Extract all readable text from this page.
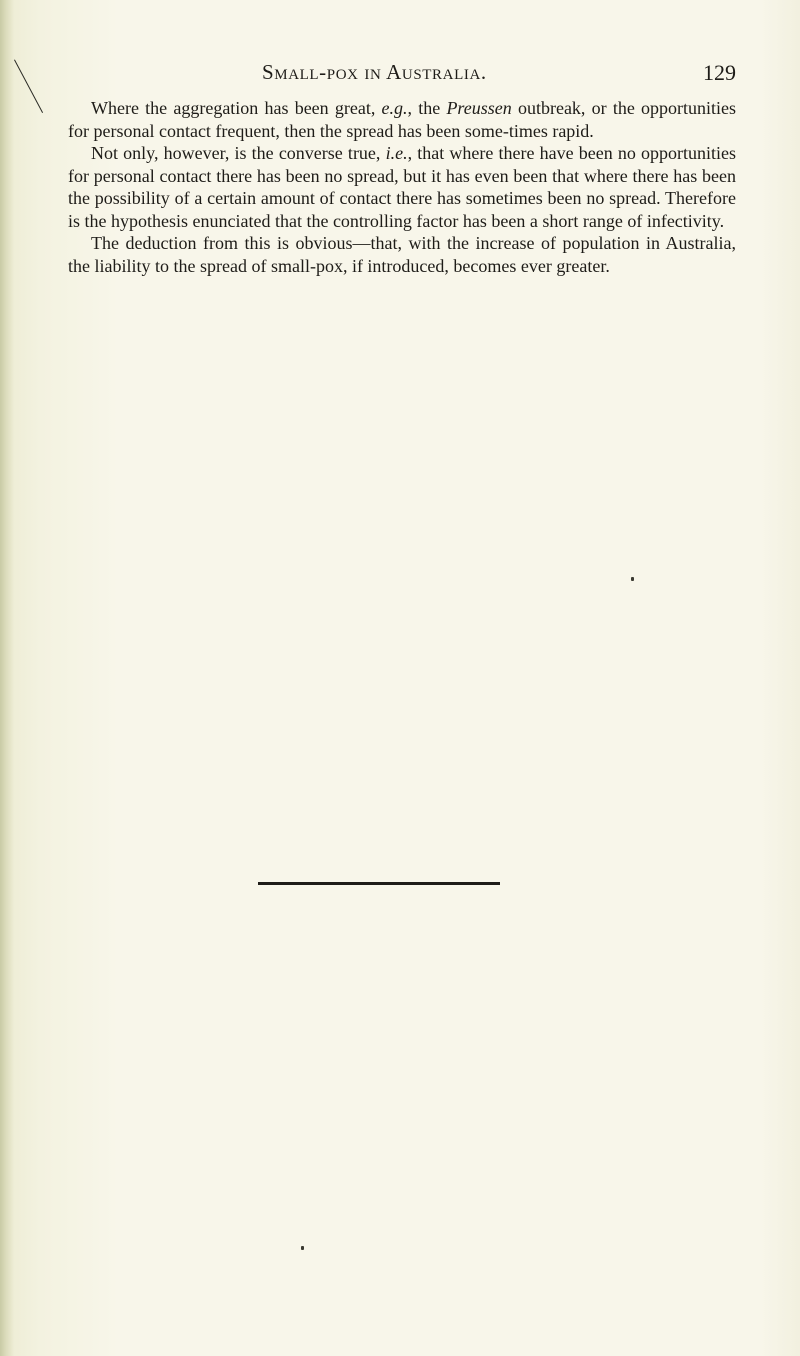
Small-pox in Australia.	129

Where the aggregation has been great, e.g., the Preussen outbreak, or the opportunities for personal contact frequent, then the spread has been some-times rapid.

Not only, however, is the converse true, i.e., that where there have been no opportunities for personal contact there has been no spread, but it has even been that where there has been the possibility of a certain amount of contact there has sometimes been no spread. Therefore is the hypothesis enunciated that the controlling factor has been a short range of infectivity.

The deduction from this is obvious—that, with the increase of population in Australia, the liability to the spread of small-pox, if introduced, becomes ever greater.
